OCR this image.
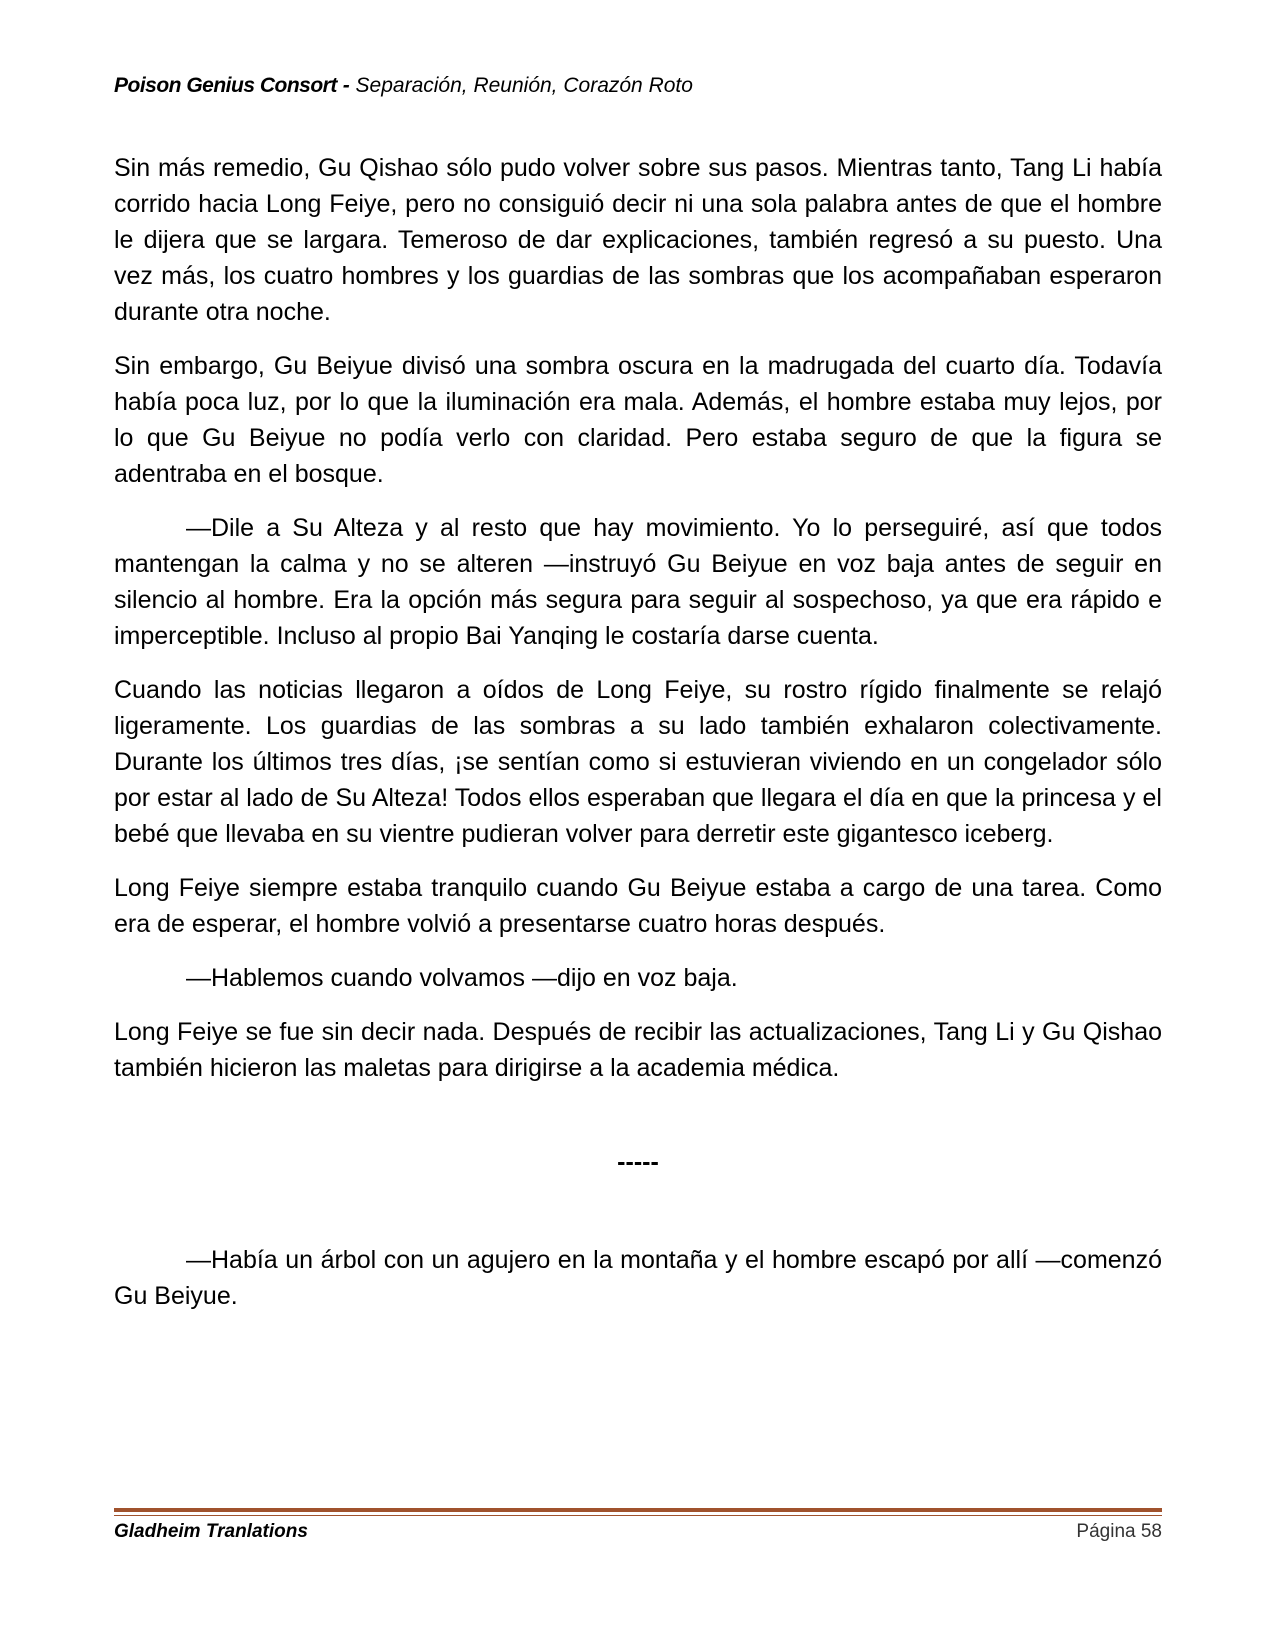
Poison Genius Consort - Separación, Reunión, Corazón Roto

Sin más remedio, Gu Qishao sólo pudo volver sobre sus pasos. Mientras tanto, Tang Li había corrido hacia Long Feiye, pero no consiguió decir ni una sola palabra antes de que el hombre le dijera que se largara. Temeroso de dar explicaciones, también regresó a su puesto. Una vez más, los cuatro hombres y los guardias de las sombras que los acompañaban esperaron durante otra noche.

Sin embargo, Gu Beiyue divisó una sombra oscura en la madrugada del cuarto día. Todavía había poca luz, por lo que la iluminación era mala. Además, el hombre estaba muy lejos, por lo que Gu Beiyue no podía verlo con claridad. Pero estaba seguro de que la figura se adentraba en el bosque.

—Dile a Su Alteza y al resto que hay movimiento. Yo lo perseguiré, así que todos mantengan la calma y no se alteren —instruyó Gu Beiyue en voz baja antes de seguir en silencio al hombre. Era la opción más segura para seguir al sospechoso, ya que era rápido e imperceptible. Incluso al propio Bai Yanqing le costaría darse cuenta.

Cuando las noticias llegaron a oídos de Long Feiye, su rostro rígido finalmente se relajó ligeramente. Los guardias de las sombras a su lado también exhalaron colectivamente. Durante los últimos tres días, ¡se sentían como si estuvieran viviendo en un congelador sólo por estar al lado de Su Alteza! Todos ellos esperaban que llegara el día en que la princesa y el bebé que llevaba en su vientre pudieran volver para derretir este gigantesco iceberg.

Long Feiye siempre estaba tranquilo cuando Gu Beiyue estaba a cargo de una tarea. Como era de esperar, el hombre volvió a presentarse cuatro horas después.

—Hablemos cuando volvamos —dijo en voz baja.

Long Feiye se fue sin decir nada. Después de recibir las actualizaciones, Tang Li y Gu Qishao también hicieron las maletas para dirigirse a la academia médica.

-----

—Había un árbol con un agujero en la montaña y el hombre escapó por allí —comenzó Gu Beiyue.

Gladheim Tranlations	Página 58
